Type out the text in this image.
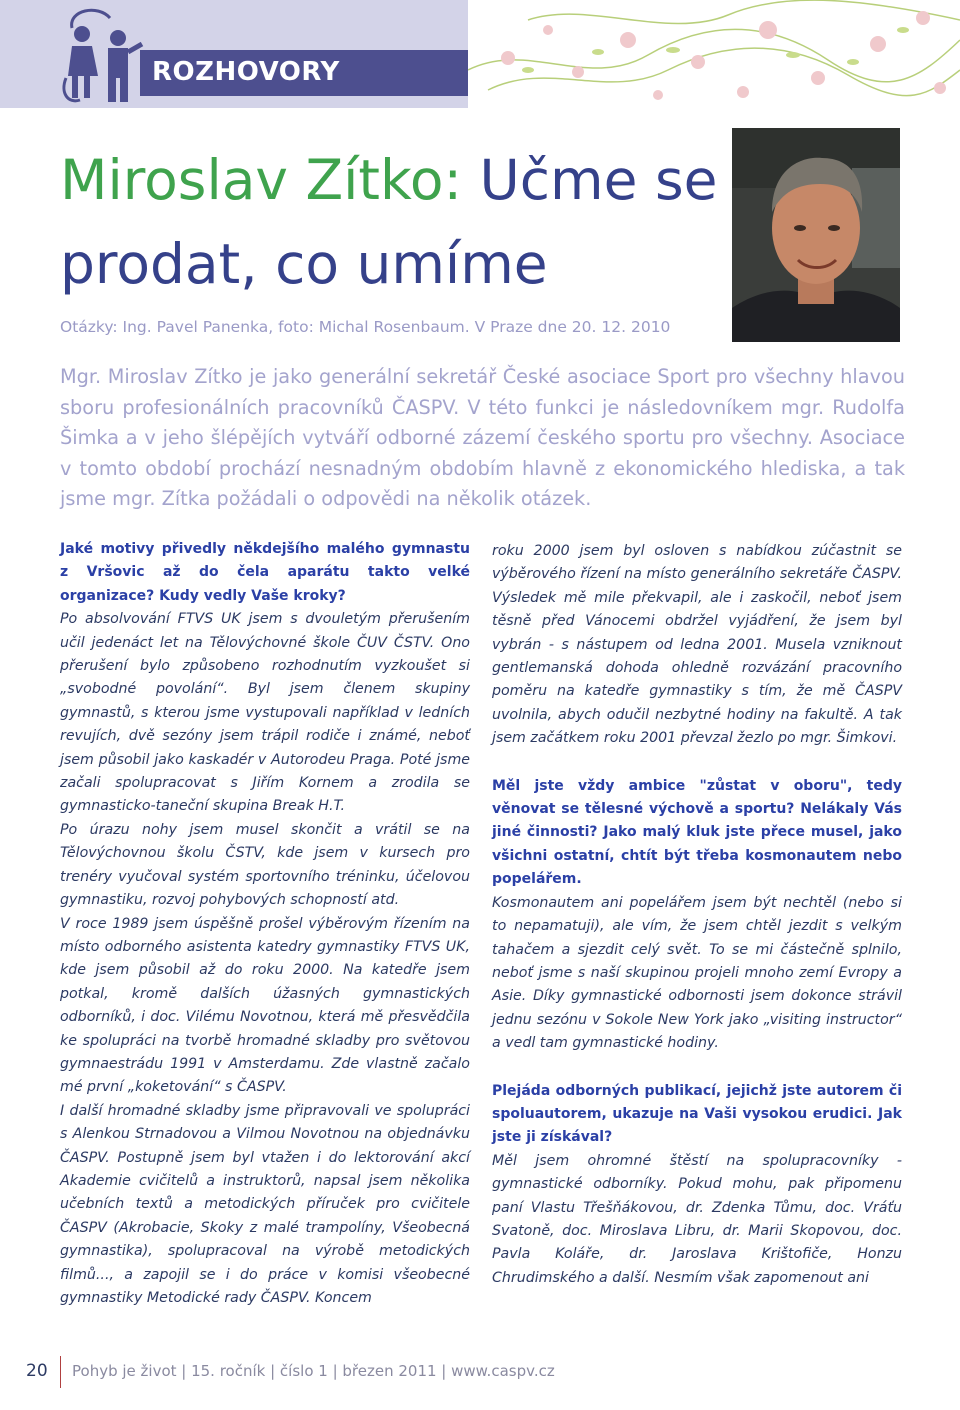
ROZHOVORY
Miroslav Zítko: Učme se
prodat, co umíme
Otázky: Ing. Pavel Panenka, foto: Michal Rosenbaum. V Praze dne 20. 12. 2010
Mgr. Miroslav Zítko je jako generální sekretář České asociace Sport pro všechny hlavou sboru profesionálních pracovníků ČASPV. V této funkci je následovníkem mgr. Rudolfa Šimka a v jeho šlépějích vytváří odborné zázemí českého sportu pro všechny. Asociace v tomto období prochází nesnadným obdobím hlavně z ekonomického hlediska, a tak jsme mgr. Zítka požádali o odpovědi na několik otázek.

Jaké motivy přivedly někdejšího malého gymnastu z Vršovic až do čela aparátu takto velké organizace? Kudy vedly Vaše kroky?

Po absolvování FTVS UK jsem s dvouletým přerušením učil jedenáct let na Tělovýchovné škole ČUV ČSTV. Ono přerušení bylo způsobeno rozhodnutím vyzkoušet si „svobodné povolání“. Byl jsem členem skupiny gymnastů, s kterou jsme vystupovali například v ledních revujích, dvě sezóny jsem trápil rodiče i známé, neboť jsem působil jako kaskadér v Autorodeu Praga. Poté jsme začali spolupracovat s Jiřím Kornem a zrodila se gymnasticko-taneční skupina Break H.T.

Po úrazu nohy jsem musel skončit a vrátil se na Tělovýchovnou školu ČSTV, kde jsem v kursech pro trenéry vyučoval systém sportovního tréninku, účelovou gymnastiku, rozvoj pohybových schopností atd.

V roce 1989 jsem úspěšně prošel výběrovým řízením na místo odborného asistenta katedry gymnastiky FTVS UK, kde jsem působil až do roku 2000. Na katedře jsem potkal, kromě dalších úžasných gymnastických odborníků, i doc. Vilému Novotnou, která mě přesvědčila ke spolupráci na tvorbě hromadné skladby pro světovou gymnaestrádu 1991 v Amsterdamu. Zde vlastně začalo mé první „koketování“ s ČASPV.

I další hromadné skladby jsme připravovali ve spolupráci s Alenkou Strnadovou a Vilmou Novotnou na objednávku ČASPV. Postupně jsem byl vtažen i do lektorování akcí Akademie cvičitelů a instruktorů, napsal jsem několika učebních textů a metodických příruček pro cvičitele ČASPV (Akrobacie, Skoky z malé trampolíny, Všeobecná gymnastika), spolupracoval na výrobě metodických filmů..., a zapojil se i do práce v komisi všeobecné gymnastiky Metodické rady ČASPV. Koncem

roku 2000 jsem byl osloven s nabídkou zúčastnit se výběrového řízení na místo generálního sekretáře ČASPV. Výsledek mě mile překvapil, ale i zaskočil, neboť jsem těsně před Vánocemi obdržel vyjádření, že jsem byl vybrán - s nástupem od ledna 2001. Musela vzniknout gentlemanská dohoda ohledně rozvázání pracovního poměru na katedře gymnastiky s tím, že mě ČASPV uvolnila, abych odučil nezbytné hodiny na fakultě. A tak jsem začátkem roku 2001 převzal žezlo po mgr. Šimkovi.

Měl jste vždy ambice "zůstat v oboru", tedy věnovat se tělesné výchově a sportu? Nelákaly Vás jiné činnosti? Jako malý kluk jste přece musel, jako všichni ostatní, chtít být třeba kosmonautem nebo popelářem.

Kosmonautem ani popelářem jsem být nechtěl (nebo si to nepamatuji), ale vím, že jsem chtěl jezdit s velkým tahačem a sjezdit celý svět. To se mi částečně splnilo, neboť jsme s naší skupinou projeli mnoho zemí Evropy a Asie. Díky gymnastické odbornosti jsem dokonce strávil jednu sezónu v Sokole New York jako „visiting instructor“ a vedl tam gymnastické hodiny.

Plejáda odborných publikací, jejichž jste autorem či spoluautorem, ukazuje na Vaši vysokou erudici. Jak jste ji získával?

Měl jsem ohromné štěstí na spolupracovníky - gymnastické odborníky. Pokud mohu, pak připomenu paní Vlastu Třešňákovou, dr. Zdenka Tůmu, doc. Vráťu Svatoně, doc. Miroslava Libru, dr. Marii Skopovou, doc. Pavla Koláře, dr. Jaroslava Krištofiče, Honzu Chrudimského a další. Nesmím však zapomenout ani

20 Pohyb je život | 15. ročník | číslo 1 | březen 2011 | www.caspv.cz
